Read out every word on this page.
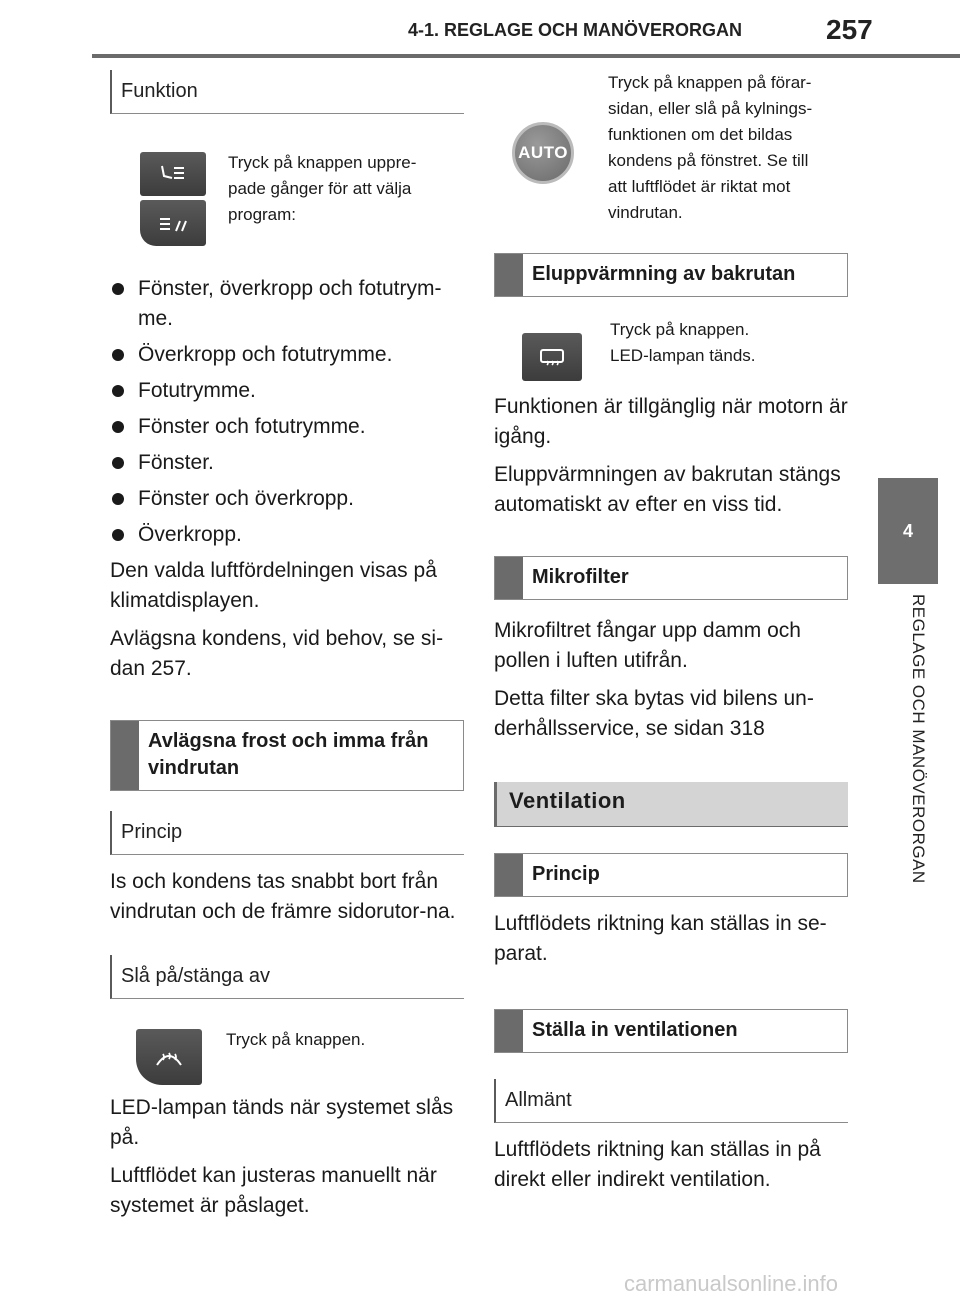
4-1. REGLAGE OCH MANÖVERORGAN	257
4
REGLAGE OCH MANÖVERORGAN
Funktion
Tryck på knappen uppre-
pade gånger för att välja
program:
Fönster, överkropp och fotutrym-me.
Överkropp och fotutrymme.
Fotutrymme.
Fönster och fotutrymme.
Fönster.
Fönster och överkropp.
Överkropp.

Den valda luftfördelningen visas på klimatdisplayen.

Avlägsna kondens, vid behov, se si-dan 257.

Avlägsna frost och imma från vindrutan
Princip

Is och kondens tas snabbt bort från vindrutan och de främre sidorutor-na.

Slå på/stänga av
Tryck på knappen.

LED-lampan tänds när systemet slås på.

Luftflödet kan justeras manuellt när systemet är påslaget.

AUTO
Tryck på knappen på förar-
sidan, eller slå på kylnings-
funktionen om det bildas
kondens på fönstret. Se till
att luftflödet är riktat mot
vindrutan.
Eluppvärmning av bakrutan
Tryck på knappen.
LED-lampan tänds.

Funktionen är tillgänglig när motorn är igång.

Eluppvärmningen av bakrutan stängs automatiskt av efter en viss tid.

Mikrofilter

Mikrofiltret fångar upp damm och pollen i luften utifrån.

Detta filter ska bytas vid bilens un-derhållsservice, se sidan 318

Ventilation
Princip

Luftflödets riktning kan ställas in se-parat.

Ställa in ventilationen
Allmänt

Luftflödets riktning kan ställas in på direkt eller indirekt ventilation.

carmanualsonline.info
